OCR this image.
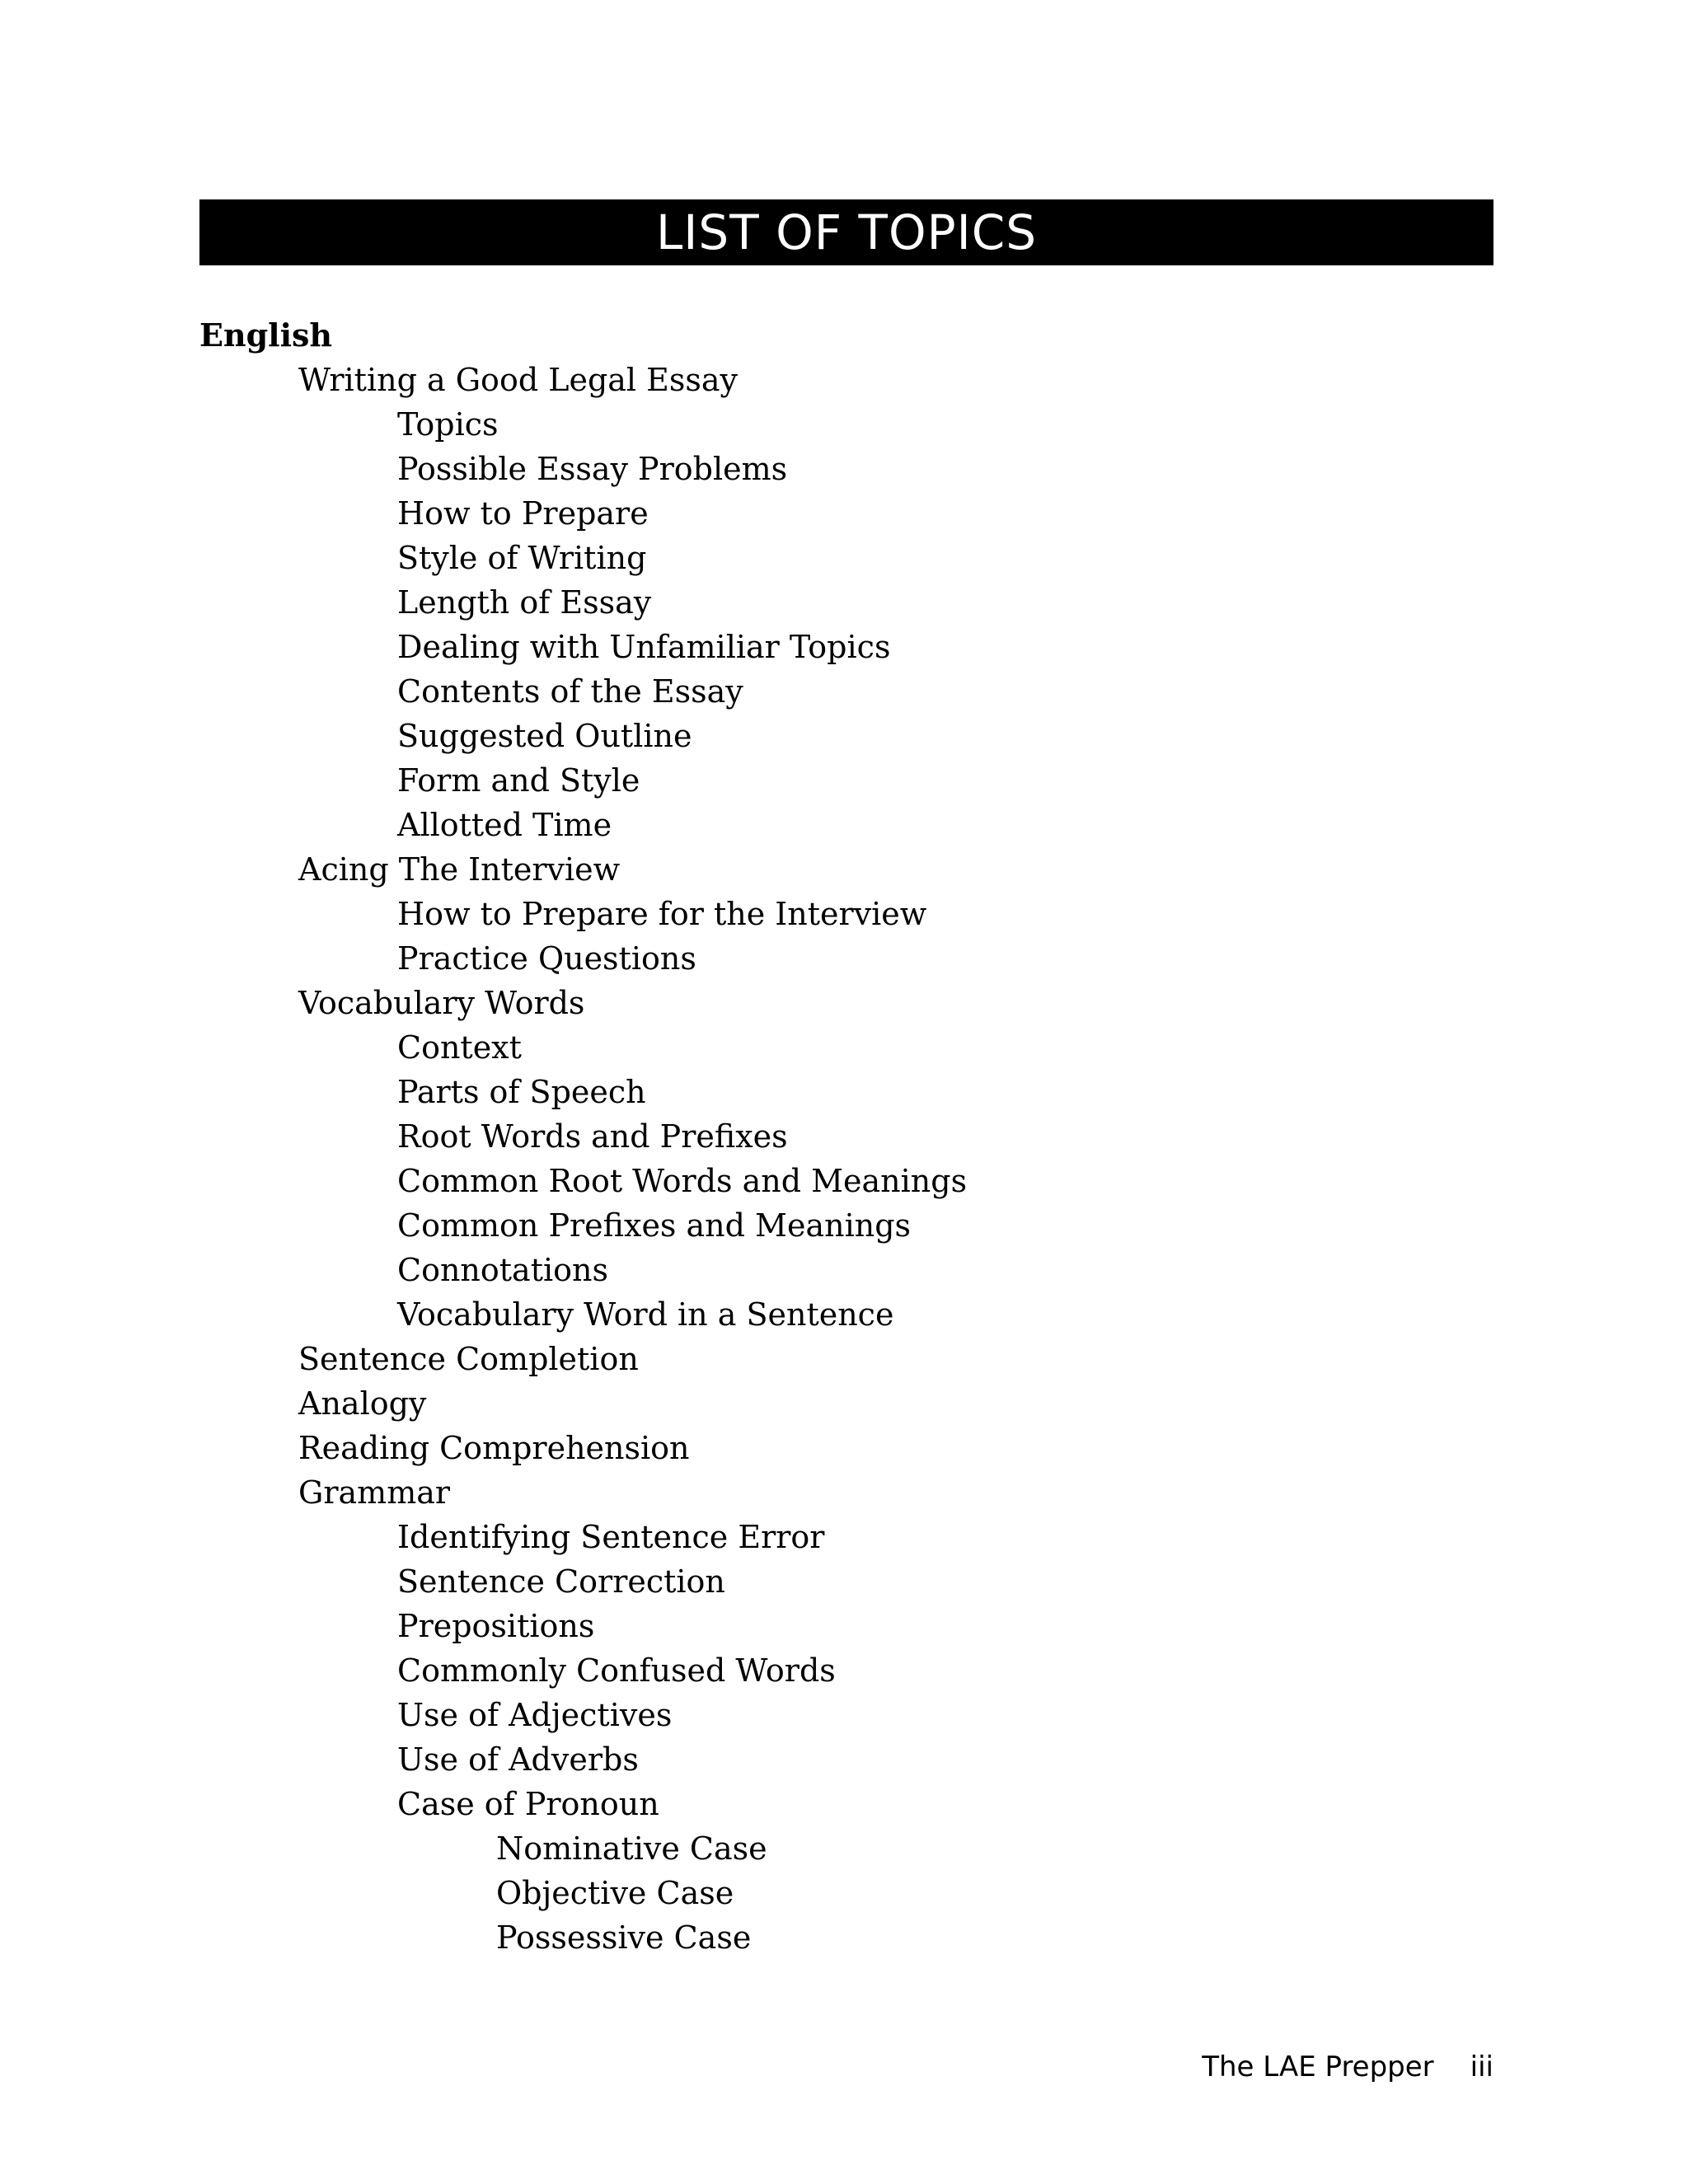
LIST OF TOPICS
English
Writing a Good Legal Essay
Topics
Possible Essay Problems
How to Prepare
Style of Writing
Length of Essay
Dealing with Unfamiliar Topics
Contents of the Essay
Suggested Outline
Form and Style
Allotted Time
Acing The Interview
How to Prepare for the Interview
Practice Questions
Vocabulary Words
Context
Parts of Speech
Root Words and Prefixes
Common Root Words and Meanings
Common Prefixes and Meanings
Connotations
Vocabulary Word in a Sentence
Sentence Completion
Analogy
Reading Comprehension
Grammar
Identifying Sentence Error
Sentence Correction
Prepositions
Commonly Confused Words
Use of Adjectives
Use of Adverbs
Case of Pronoun
Nominative Case
Objective Case
Possessive Case
The LAE Prepper iii
